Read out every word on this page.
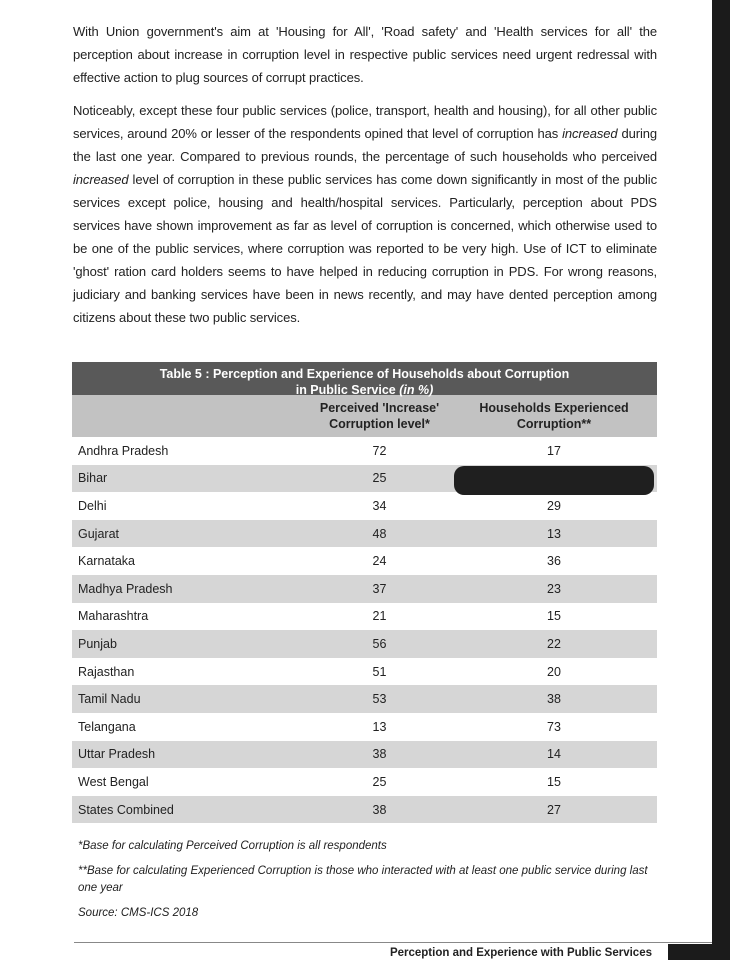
With Union government's aim at 'Housing for All', 'Road safety' and 'Health services for all' the perception about increase in corruption level in respective public services need urgent redressal with effective action to plug sources of corrupt practices.

Noticeably, except these four public services (police, transport, health and housing), for all other public services, around 20% or lesser of the respondents opined that level of corruption has increased during the last one year. Compared to previous rounds, the percentage of such households who perceived increased level of corruption in these public services has come down significantly in most of the public services except police, housing and health/hospital services. Particularly, perception about PDS services have shown improvement as far as level of corruption is concerned, which otherwise used to be one of the public services, where corruption was reported to be very high. Use of ICT to eliminate 'ghost' ration card holders seems to have helped in reducing corruption in PDS. For wrong reasons, judiciary and banking services have been in news recently, and may have dented perception among citizens about these two public services.

Table 5 : Perception and Experience of Households about Corruption
in Public Service (in %)
Perceived 'Increase'
Corruption level*
Households Experienced
Corruption**
Andhra Pradesh	72	17
Bihar	25
Delhi	34	29
Gujarat	48	13
Karnataka	24	36
Madhya Pradesh	37	23
Maharashtra	21	15
Punjab	56	22
Rajasthan	51	20
Tamil Nadu	53	38
Telangana	13	73
Uttar Pradesh	38	14
West Bengal	25	15
States Combined	38	27

*Base for calculating Perceived Corruption is all respondents

**Base for calculating Experienced Corruption is those who interacted with at least one public service during last one year

Source: CMS-ICS 2018

Perception and Experience with Public Services
